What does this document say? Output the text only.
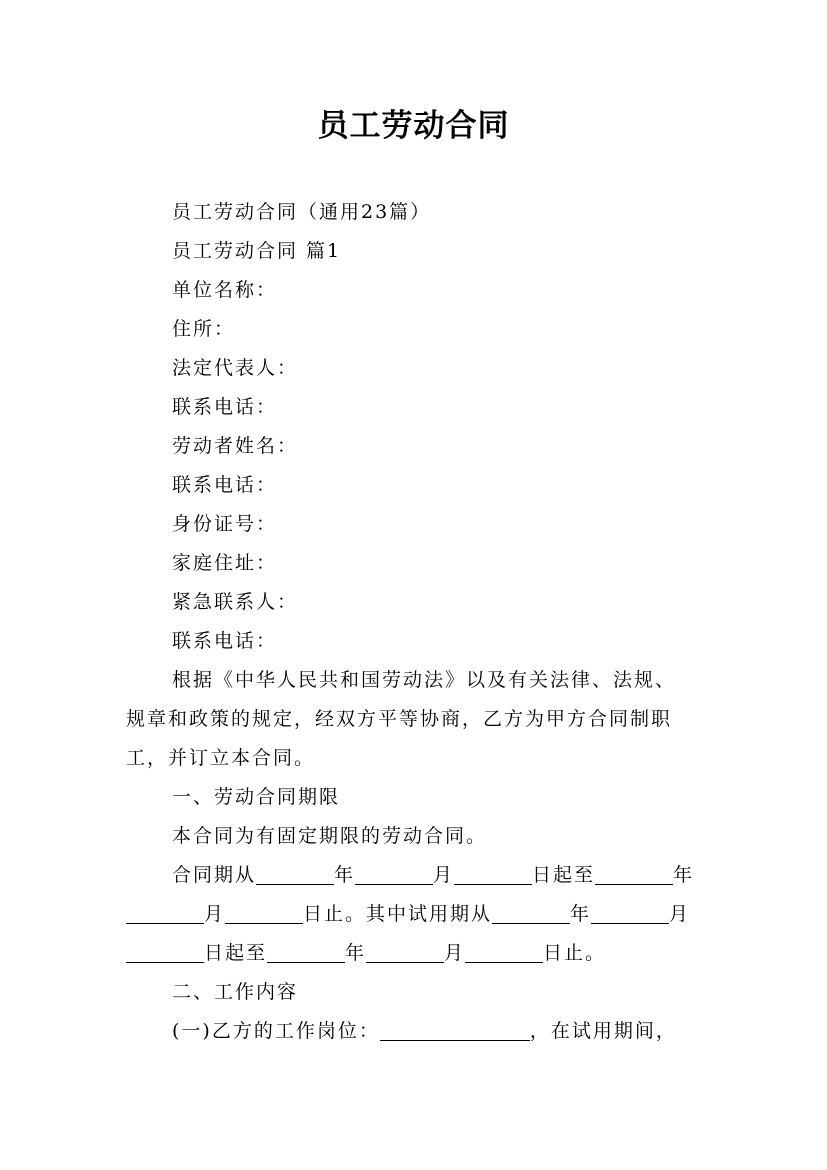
员工劳动合同
员工劳动合同（通用23篇）
员工劳动合同 篇1
单位名称：
住所：
法定代表人：
联系电话：
劳动者姓名：
联系电话：
身份证号：
家庭住址：
紧急联系人：
联系电话：
根据《中华人民共和国劳动法》以及有关法律、法规、
规章和政策的规定，经双方平等协商，乙方为甲方合同制职
工，并订立本合同。
一、劳动合同期限
本合同为有固定期限的劳动合同。
合同期从	年	月	日起至	年
月	日止。其中试用期从	年	月
日起至	年	月	日止。
二、工作内容
(一)乙方的工作岗位：	，在试用期间，
